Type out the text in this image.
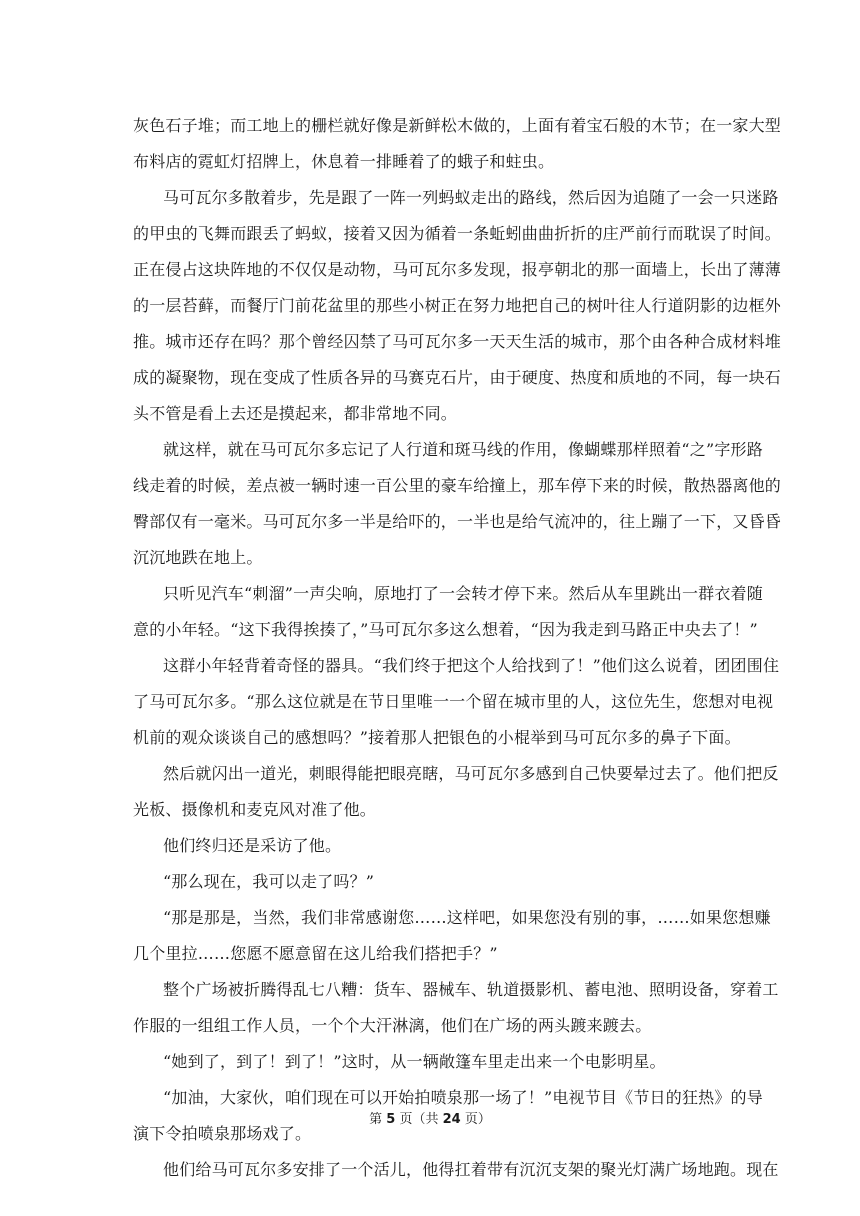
灰色石子堆；而工地上的栅栏就好像是新鲜松木做的，上面有着宝石般的木节；在一家大型
布料店的霓虹灯招牌上，休息着一排睡着了的蛾子和蛀虫。
马可瓦尔多散着步，先是跟了一阵一列蚂蚁走出的路线，然后因为追随了一会一只迷路
的甲虫的飞舞而跟丢了蚂蚁，接着又因为循着一条蚯蚓曲曲折折的庄严前行而耽误了时间。
正在侵占这块阵地的不仅仅是动物，马可瓦尔多发现，报亭朝北的那一面墙上，长出了薄薄
的一层苔藓，而餐厅门前花盆里的那些小树正在努力地把自己的树叶往人行道阴影的边框外
推。城市还存在吗？那个曾经囚禁了马可瓦尔多一天天生活的城市，那个由各种合成材料堆
成的凝聚物，现在变成了性质各异的马赛克石片，由于硬度、热度和质地的不同，每一块石
头不管是看上去还是摸起来，都非常地不同。
就这样，就在马可瓦尔多忘记了人行道和斑马线的作用，像蝴蝶那样照着“之”字形路
线走着的时候，差点被一辆时速一百公里的豪车给撞上，那车停下来的时候，散热器离他的
臀部仅有一毫米。马可瓦尔多一半是给吓的，一半也是给气流冲的，往上蹦了一下，又昏昏
沉沉地跌在地上。
只听见汽车“刺溜”一声尖响，原地打了一会转才停下来。然后从车里跳出一群衣着随
意的小年轻。“这下我得挨揍了，”马可瓦尔多这么想着，“因为我走到马路正中央去了！”
这群小年轻背着奇怪的器具。“我们终于把这个人给找到了！”他们这么说着，团团围住
了马可瓦尔多。“那么这位就是在节日里唯一一个留在城市里的人，这位先生，您想对电视
机前的观众谈谈自己的感想吗？”接着那人把银色的小棍举到马可瓦尔多的鼻子下面。
然后就闪出一道光，刺眼得能把眼亮瞎，马可瓦尔多感到自己快要晕过去了。他们把反
光板、摄像机和麦克风对准了他。
他们终归还是采访了他。
“那么现在，我可以走了吗？”
“那是那是，当然，我们非常感谢您……这样吧，如果您没有别的事，……如果您想赚
几个里拉……您愿不愿意留在这儿给我们搭把手？”
整个广场被折腾得乱七八糟：货车、器械车、轨道摄影机、蓄电池、照明设备，穿着工
作服的一组组工作人员，一个个大汗淋漓，他们在广场的两头踱来踱去。
“她到了，到了！到了！”这时，从一辆敞篷车里走出来一个电影明星。
“加油，大家伙，咱们现在可以开始拍喷泉那一场了！”电视节目《节日的狂热》的导
演下令拍喷泉那场戏了。
他们给马可瓦尔多安排了一个活儿，他得扛着带有沉沉支架的聚光灯满广场地跑。现在
第 5 页（共 24 页）
